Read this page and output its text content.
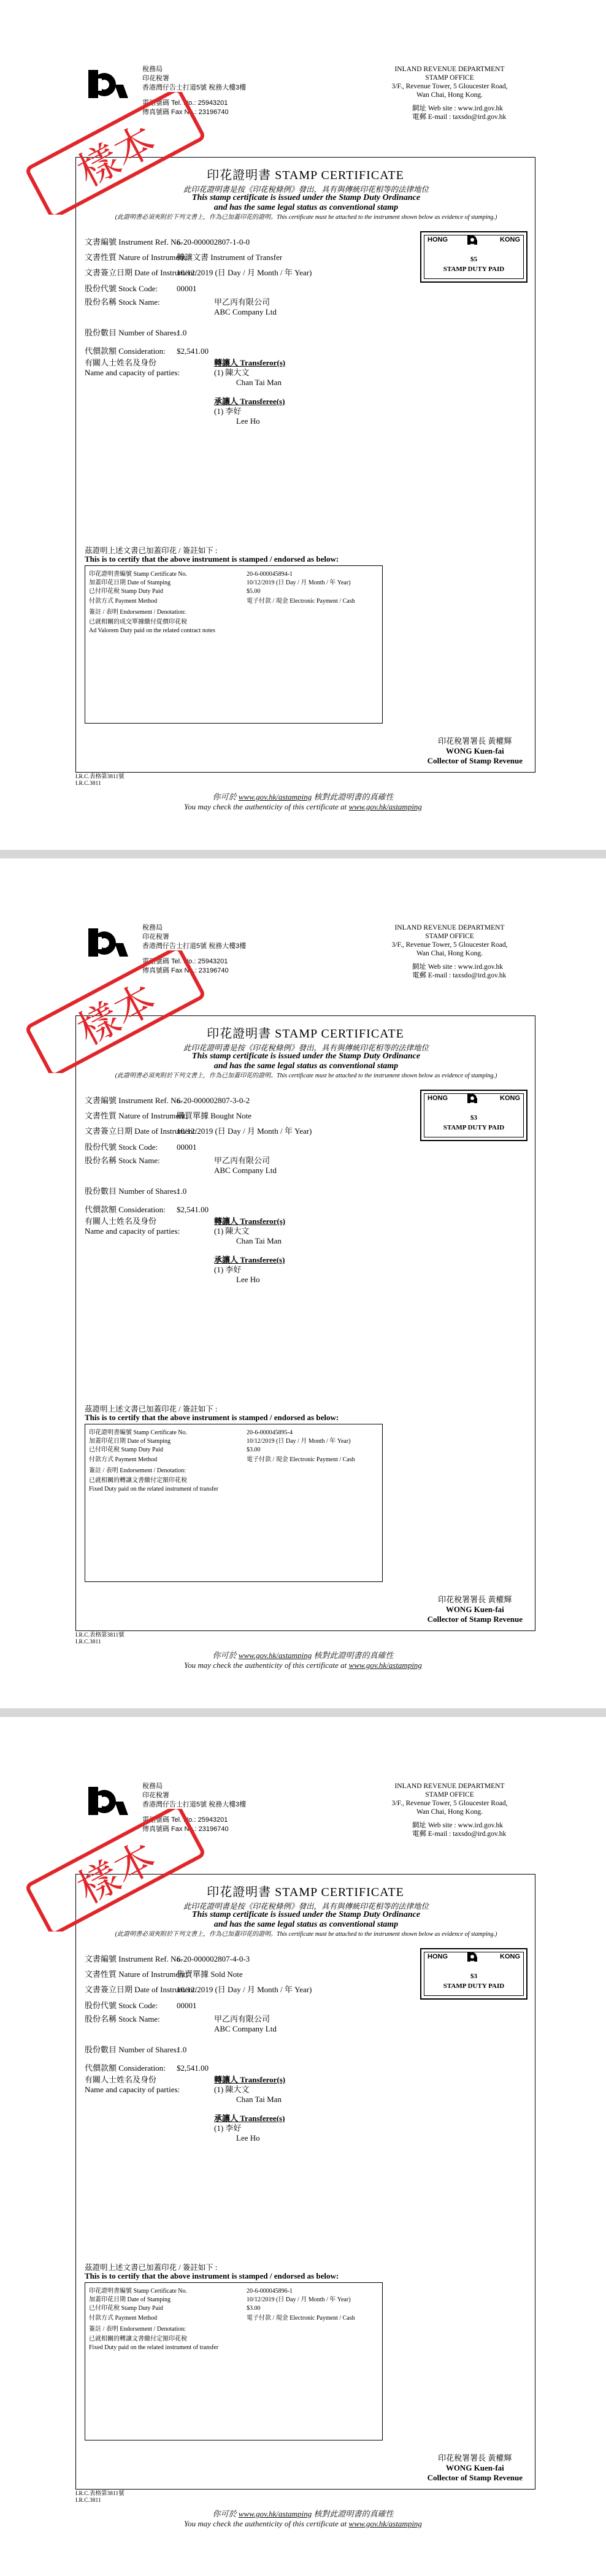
稅務局
印花稅署
香港灣仔告士打道5號 稅務大樓3樓
電話號碼 Tel. No.: 25943201
傳真號碼 Fax No.: 23196740
INLAND REVENUE DEPARTMENT
STAMP OFFICE
3/F., Revenue Tower, 5 Gloucester Road,
Wan Chai, Hong Kong.
網址 Web site : www.ird.gov.hk
電郵 E-mail : taxsdo@ird.gov.hk
印花證明書 STAMP CERTIFICATE
此印花證明書是按《印花稅條例》發出，具有與傳統印花相等的法律地位
This stamp certificate is issued under the Stamp Duty Ordinance
and has the same legal status as conventional stamp
(此證明書必須夾附於下列文書上，作為已加蓋印花的證明。This certificate must be attached to the instrument shown below as evidence of stamping.)
HONG	KONG
$5
STAMP DUTY PAID
文書編號 Instrument Ref. No.6-20-000002807-1-0-0
文書性質 Nature of Instrument:轉讓文書 Instrument of Transfer
文書簽立日期 Date of Instrument:10/12/2019 (日 Day / 月 Month / 年 Year)
股份代號 Stock Code: 00001
股份名稱 Stock Name:	甲乙丙有限公司
ABC Company Ltd
股份數目 Number of Shares:1.0
代價款額 Consideration: $2,541.00
有關人士姓名及身份
Name and capacity of parties:
轉讓人 Transferor(s)
(1) 陳大文
Chan Tai Man
承讓人 Transferee(s)
(1) 李好
Lee Ho
茲證明上述文書已加蓋印花 / 簽註如下 :
This is to certify that the above instrument is stamped / endorsed as below:
印花證明書編號 Stamp Certificate No.	20-6-000045894-1
加蓋印花日期 Date of Stamping	10/12/2019 (日 Day / 月 Month / 年 Year)
已付印花稅 Stamp Duty Paid	$5.00
付款方式 Payment Method	電子付款 / 現金 Electronic Payment / Cash
簽註 / 表明 Endorsement / Denotation:
已就相關的成交單據繳付從價印花稅
Ad Valorem Duty paid on the related contract notes
印花稅署署長 黃權輝
WONG Kuen-fai
Collector of Stamp Revenue
I.R.C.表格第3811號
I.R.C.3811
你可於 www.gov.hk/astamping 核對此證明書的真確性
You may check the authenticity of this certificate at www.gov.hk/astamping
樣本
稅務局
印花稅署
香港灣仔告士打道5號 稅務大樓3樓
電話號碼 Tel. No.: 25943201
傳真號碼 Fax No.: 23196740
INLAND REVENUE DEPARTMENT
STAMP OFFICE
3/F., Revenue Tower, 5 Gloucester Road,
Wan Chai, Hong Kong.
網址 Web site : www.ird.gov.hk
電郵 E-mail : taxsdo@ird.gov.hk
印花證明書 STAMP CERTIFICATE
此印花證明書是按《印花稅條例》發出，具有與傳統印花相等的法律地位
This stamp certificate is issued under the Stamp Duty Ordinance
and has the same legal status as conventional stamp
(此證明書必須夾附於下列文書上，作為已加蓋印花的證明。This certificate must be attached to the instrument shown below as evidence of stamping.)
HONG	KONG
$3
STAMP DUTY PAID
文書編號 Instrument Ref. No.6-20-000002807-3-0-2
文書性質 Nature of Instrument:購買單據 Bought Note
文書簽立日期 Date of Instrument:10/12/2019 (日 Day / 月 Month / 年 Year)
股份代號 Stock Code: 00001
股份名稱 Stock Name:	甲乙丙有限公司
ABC Company Ltd
股份數目 Number of Shares:1.0
代價款額 Consideration: $2,541.00
有關人士姓名及身份
Name and capacity of parties:
轉讓人 Transferor(s)
(1) 陳大文
Chan Tai Man
承讓人 Transferee(s)
(1) 李好
Lee Ho
茲證明上述文書已加蓋印花 / 簽註如下 :
This is to certify that the above instrument is stamped / endorsed as below:
印花證明書編號 Stamp Certificate No.	20-6-000045895-4
加蓋印花日期 Date of Stamping	10/12/2019 (日 Day / 月 Month / 年 Year)
已付印花稅 Stamp Duty Paid	$3.00
付款方式 Payment Method	電子付款 / 現金 Electronic Payment / Cash
簽註 / 表明 Endorsement / Denotation:
已就相關的轉讓文書繳付定額印花稅
Fixed Duty paid on the related instrument of transfer
印花稅署署長 黃權輝
WONG Kuen-fai
Collector of Stamp Revenue
I.R.C.表格第3811號
I.R.C.3811
你可於 www.gov.hk/astamping 核對此證明書的真確性
You may check the authenticity of this certificate at www.gov.hk/astamping
樣本
稅務局
印花稅署
香港灣仔告士打道5號 稅務大樓3樓
電話號碼 Tel. No.: 25943201
傳真號碼 Fax No.: 23196740
INLAND REVENUE DEPARTMENT
STAMP OFFICE
3/F., Revenue Tower, 5 Gloucester Road,
Wan Chai, Hong Kong.
網址 Web site : www.ird.gov.hk
電郵 E-mail : taxsdo@ird.gov.hk
印花證明書 STAMP CERTIFICATE
此印花證明書是按《印花稅條例》發出，具有與傳統印花相等的法律地位
This stamp certificate is issued under the Stamp Duty Ordinance
and has the same legal status as conventional stamp
(此證明書必須夾附於下列文書上，作為已加蓋印花的證明。This certificate must be attached to the instrument shown below as evidence of stamping.)
HONG	KONG
$3
STAMP DUTY PAID
文書編號 Instrument Ref. No.6-20-000002807-4-0-3
文書性質 Nature of Instrument:售賣單據 Sold Note
文書簽立日期 Date of Instrument:10/12/2019 (日 Day / 月 Month / 年 Year)
股份代號 Stock Code: 00001
股份名稱 Stock Name:	甲乙丙有限公司
ABC Company Ltd
股份數目 Number of Shares:1.0
代價款額 Consideration: $2,541.00
有關人士姓名及身份
Name and capacity of parties:
轉讓人 Transferor(s)
(1) 陳大文
Chan Tai Man
承讓人 Transferee(s)
(1) 李好
Lee Ho
茲證明上述文書已加蓋印花 / 簽註如下 :
This is to certify that the above instrument is stamped / endorsed as below:
印花證明書編號 Stamp Certificate No.	20-6-000045896-1
加蓋印花日期 Date of Stamping	10/12/2019 (日 Day / 月 Month / 年 Year)
已付印花稅 Stamp Duty Paid	$3.00
付款方式 Payment Method	電子付款 / 現金 Electronic Payment / Cash
簽註 / 表明 Endorsement / Denotation:
已就相關的轉讓文書繳付定額印花稅
Fixed Duty paid on the related instrument of transfer
印花稅署署長 黃權輝
WONG Kuen-fai
Collector of Stamp Revenue
I.R.C.表格第3811號
I.R.C.3811
你可於 www.gov.hk/astamping 核對此證明書的真確性
You may check the authenticity of this certificate at www.gov.hk/astamping
樣本
